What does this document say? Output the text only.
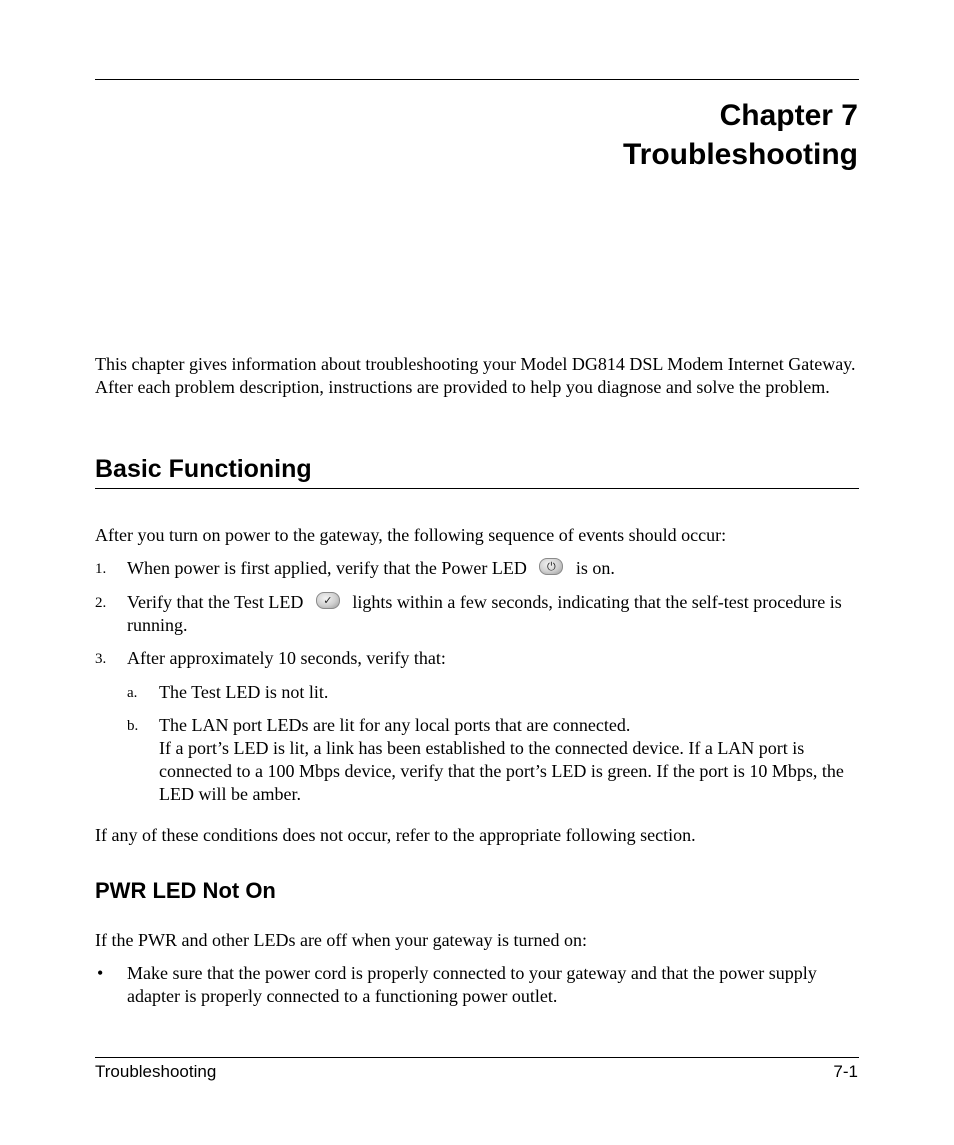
Chapter 7
Troubleshooting
This chapter gives information about troubleshooting your Model DG814 DSL Modem Internet Gateway. After each problem description, instructions are provided to help you diagnose and solve the problem.
Basic Functioning
After you turn on power to the gateway, the following sequence of events should occur:
1. When power is first applied, verify that the Power LED ⏻ is on.
2. Verify that the Test LED ✓ lights within a few seconds, indicating that the self-test procedure is running.
3. After approximately 10 seconds, verify that:
a. The Test LED is not lit.
b. The LAN port LEDs are lit for any local ports that are connected.
If a port’s LED is lit, a link has been established to the connected device. If a LAN port is connected to a 100 Mbps device, verify that the port’s LED is green. If the port is 10 Mbps, the LED will be amber.
If any of these conditions does not occur, refer to the appropriate following section.
PWR LED Not On
If the PWR and other LEDs are off when your gateway is turned on:
• Make sure that the power cord is properly connected to your gateway and that the power supply adapter is properly connected to a functioning power outlet.
Troubleshooting	7-1
